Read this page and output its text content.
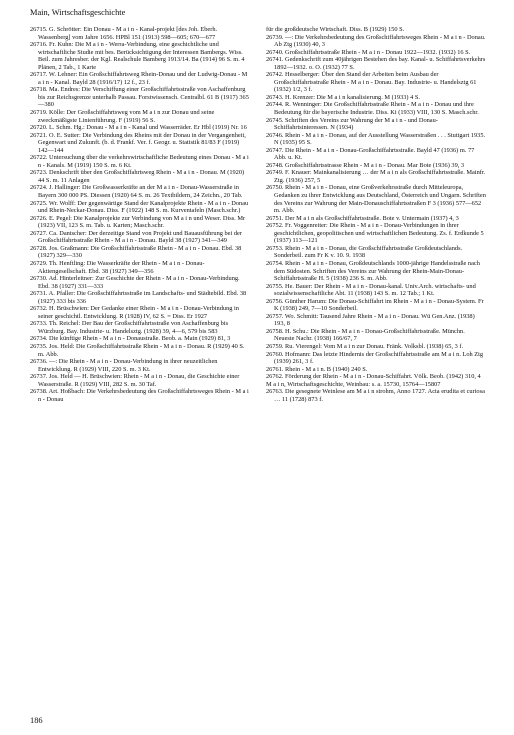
Main, Wirtschaftsgeschichte

26715. G. Schrötter: Ein Donau - M a i n - Kanal-projekt [des Joh. Eberh. Wassenberg] vom Jahre 1656. HPBl 151 (1913) 598—605; 670—677

26716. Fr. Kuhn: Die M a i n - Werra-Verbindung, eine geschichtliche und wirtschaftliche Studie mit bes. Berücksichtigung der Interessen Bambergs. Wiss. Beil. zum Jahresber. der Kgl. Realschule Bamberg 1913/14. Ba (1914) 96 S. m. 4 Plänen, 2 Tab., 1 Karte

26717. W. Lehner: Ein Großschiffahrtsweg Rhein-Donau und der Ludwig-Donau - M a i n - Kanal. Bayld 28 (1916/17) 12 f., 23 f.

26718. Ma. Endres: Die Verschiffung einer Großschiffahrtsstraße von Aschaffenburg bis zur Reichsgrenze unterhalb Passau. Forstwissensch. Centralbl. 61 B (1917) 365—380

26719. Kölle: Der Großschiffahrtsweg vom M a i n zur Donau und seine zweckmäßigste Linienführung. F (1919) 56 S.

26720. L. Schm. Hg.: Donau - M a i n - Kanal und Wasserräder. Er Hbl (1919) Nr. 16

26721. O. E. Sutter: Die Verbindung des Rheins mit der Donau in der Vergangenheit, Gegenwart und Zukunft. (b. d. Frankf. Ver. f. Geogr. u. Statistik 81/83 F (1919) 142—144

26722. Untersuchung über die verkehrswirtschaftliche Bedeutung eines Donau - M a i n - Kanals. M (1919) 150 S. m. 6 Kt.

26723. Denkschrift über den Großschiffahrtsweg Rhein - M a i n - Donau. M (1920) 44 S. m. 11 Anlagen

26724. J. Hallinger: Die Großwasserkräfte an der M a i n - Donau-Wasserstraße in Bayern 300 000 PS. Diessen (1920) 64 S. m. 26 Textbildern, 24 Zeichn., 20 Tab.

26725. Wr. Wolff: Der gegenwärtige Stand der Kanalprojekte Rhein - M a i n - Donau und Rhein-Neckar-Donau. Diss. F (1922) 148 S. m. Kurventafeln (Masch.schr.)

26726. E. Pegel: Die Kanalprojekte zur Verbindung von M a i n und Weser. Diss. Mr (1923) VII, 123 S. m. Tab. u. Karten; Masch.schr.

26727. Ca. Dantscher: Der derzeitige Stand von Projekt und Bauausführung bei der Großschiffahrtsstraße Rhein - M a i n - Donau. Bayld 38 (1927) 341—349

26728. Jos. Graßmann: Die Großschiffahrtsstraße Rhein - M a i n - Donau. Ebd. 38 (1927) 329—330

26729. Th. Henftling: Die Wasserkräfte der Rhein - M a i n - Donau-Aktiengesellschaft. Ebd. 38 (1927) 349—356

26730. Ad. Hinterleitner: Zur Geschichte der Rhein - M a i n - Donau-Verbindung. Ebd. 38 (1927) 331—333

26731. A. Pfaller: Die Großschiffahrtsstraße im Landschafts- und Städtebild. Ebd. 38 (1927) 333 bis 336

26732. H. Brüschwien: Der Gedanke einer Rhein - M a i n - Donau-Verbindung in seiner geschichtl. Entwicklung. R (1928) IV, 62 S. = Diss. Er 1927

26733. Th. Reichel: Der Bau der Großschiffahrtsstraße von Aschaffenburg bis Würzburg. Bay. Industrie- u. Handelsztg. (1928) 39, 4—6, 579 bis 583

26734. Die künftige Rhein - M a i n - Donaustraße. Beob. a. Main (1929) 81, 3

26735. Jos. Held: Die Großschiffahrtsstraße Rhein - M a i n - Donau. R (1929) 40 S. m. Abb.

26736. —: Die Rhein - M a i n - Donau-Verbindung in ihrer neuzeitlichen Entwicklung. R (1929) VIII, 220 S. m. 3 Kt.

26737. Jos. Held — H. Brüschwien: Rhein - M a i n - Donau, die Geschichte einer Wasserstraße. R (1929) VIII, 282 S. m. 30 Taf.

26738. Art. Hoßbach: Die Verkehrsbedeutung des Großschiffahrtsweges Rhein - M a i n - Donau

für die großdeutsche Wirtschaft. Diss. B (1929) 150 S.

26739. —: Die Verkehrsbedeutung des Großschiffahrtsweges Rhein - M a i n - Donau. Ab Ztg (1930) 40, 3

26740. Großschiffahrtsstraße Rhein - M a i n - Donau 1922—1932. (1932) 16 S.

26741. Gedenkschrift zum 40jährigen Bestehen des bay. Kanal- u. Schiffahrtsverkehrs 1892—1932. o. O. (1932) 77 S.

26742. Hesselberger: Über den Stand der Arbeiten beim Ausbau der Großschiffahrtsstraße Rhein - M a i n - Donau. Bay. Industrie- u. Handelsztg 61 (1932) 1/2, 3 f.

26743. H. Krenzer: Die M a i n kanalisierung. M (1933) 4 S.

26744. R. Wenninger: Die Großschiffahrtsstraße Rhein - M a i n - Donau und ihre Bedeutung für die bayerische Industrie. Diss. Ki (1933) VIII, 130 S. Masch.schr.

26745. Schriften des Vereins zur Wahrung der M a i n - und Donau-Schiffahrtsinteressen. N (1934)

26746. Rhein - M a i n - Donau, auf der Ausstellung Wasserstraßen . . . Stuttgart 1935. N (1935) 95 S.

26747. Die Rhein - M a i n - Donau-Großschiffahrtsstraße. Bayld 47 (1936) m. 77 Abb. u. Kt.

26748. Großschiffahrtsstrasse Rhein - M a i n - Donau. Mar Bote (1936) 39, 3

26749. F. Knauer: Mainkanalisierung … der M a i n als Großschiffahrtsstraße. Mainfr. Ztg. (1936) 257, 5

26750. Rhein - M a i n - Donau, eine Großverkehrsstraße durch Mitteleuropa, Gedanken zu ihrer Entwicklung aus Deutschland, Österreich und Ungarn. Schriften des Vereins zur Wahrung der Main-Donauschiffahrtsstraßen F 3 (1936) 577—652 m. Abb.

26751. Der M a i n als Großschiffahrtsstraße. Bote v. Untermain (1937) 4, 3

26752. Fr. Voggenreiter: Die Rhein - M a i n - Donau-Verbindungen in ihrer geschichtlichen, geopolitischen und wirtschaftlichen Bedeutung. Zs. f. Erdkunde 5 (1937) 113—121

26753. Rhein - M a i n - Donau, die Großschiffahrtsstraße Großdeutschlands. Sonderbeil. zum Fr K v. 10. 9. 1938

26754. Rhein - M a i n - Donau, Großdeutschlands 1000-jährige Handelsstraße nach dem Südosten. Schriften des Vereins zur Wahrung der Rhein-Main-Donau-Schiffahrtsstraße H. 5 (1938) 236 S. m. Abb.

26755. He. Bauer: Der Rhein - M a i n - Donau-kanal. Univ.Arch. wirtschafts- und sozialwissenschaftliche Abt. 11 (1938) 143 S. m. 12 Tab.; 1 Kt.

26756. Günther Harum: Die Donau-Schiffahrt im Rhein - M a i n - Donau-System. Fr K (1938) 249, 7—10 Sonderbeil.

26757. Wo. Schmitt: Tausend Jahre Rhein - M a i n - Donau. Wü Gen.Anz. (1938) 193, 8

26758. H. Schu.: Die Rhein - M a i n - Donau-Großschiffahrtsstraße. Münchn. Neueste Nachr. (1938) 166/67, 7

26759. Ru. Vierengel: Vom M a i n zur Donau. Fränk. Volksbl. (1938) 65, 3 f.

26760. Hofmann: Das letzte Hindernis der Großschiffahrtsstraße am M a i n. Loh Ztg (1939) 261, 3 f.

26761. Rhein - M a i n. B (1940) 240 S.

26762. Förderung der Rhein - M a i n - Donau-Schiffahrt. Völk. Beob. (1942) 310, 4

M a i n, Wirtschaftsgeschichte, Weinbau: s. a. 15730, 15764—15807

26763. Die gesegnete Weinlese am M a i n strohm, Anno 1727. Acta erudita et curiosa … 11 (1728) 873 f.

186
